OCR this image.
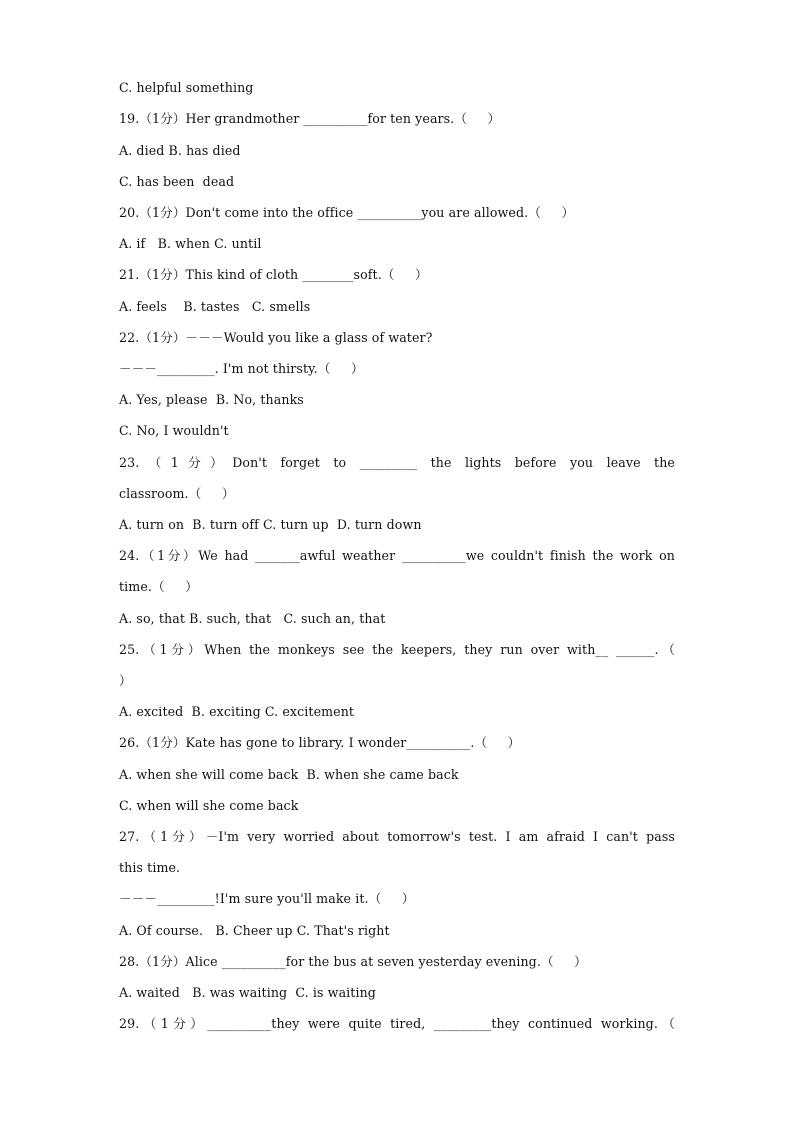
C. helpful something
19.（1分）Her grandmother __________for ten years.（     ）
A. died B. has died
C. has been  dead
20.（1分）Don't come into the office __________you are allowed.（     ）
A. if   B. when C. until
21.（1分）This kind of cloth ________soft.（     ）
A. feels    B. tastes   C. smells
22.（1分）－－－Would you like a glass of water?
－－－_________. I'm not thirsty.（     ）
A. Yes, please  B. No, thanks
C. No, I wouldn't
23.（1分）Don't forget to _________ the lights before you leave the
classroom.（     ）
A. turn on  B. turn off C. turn up  D. turn down
24.（1分）We had _______awful weather __________we couldn't finish the work on
time.（     ）
A. so, that B. such, that   C. such an, that
25.（1分）When the monkeys see the keepers, they run over with__ ______.（
）
A. excited  B. exciting C. excitement
26.（1分）Kate has gone to library. I wonder__________.（     ）
A. when she will come back  B. when she came back
C. when will she come back
27.（1分）－I'm very worried about tomorrow's test. I am afraid I can't pass
this time.
－－－_________!I'm sure you'll make it.（     ）
A. Of course.   B. Cheer up C. That's right
28.（1分）Alice __________for the bus at seven yesterday evening.（     ）
A. waited   B. was waiting  C. is waiting
29.（1分）__________they were quite tired, _________they continued working.（
